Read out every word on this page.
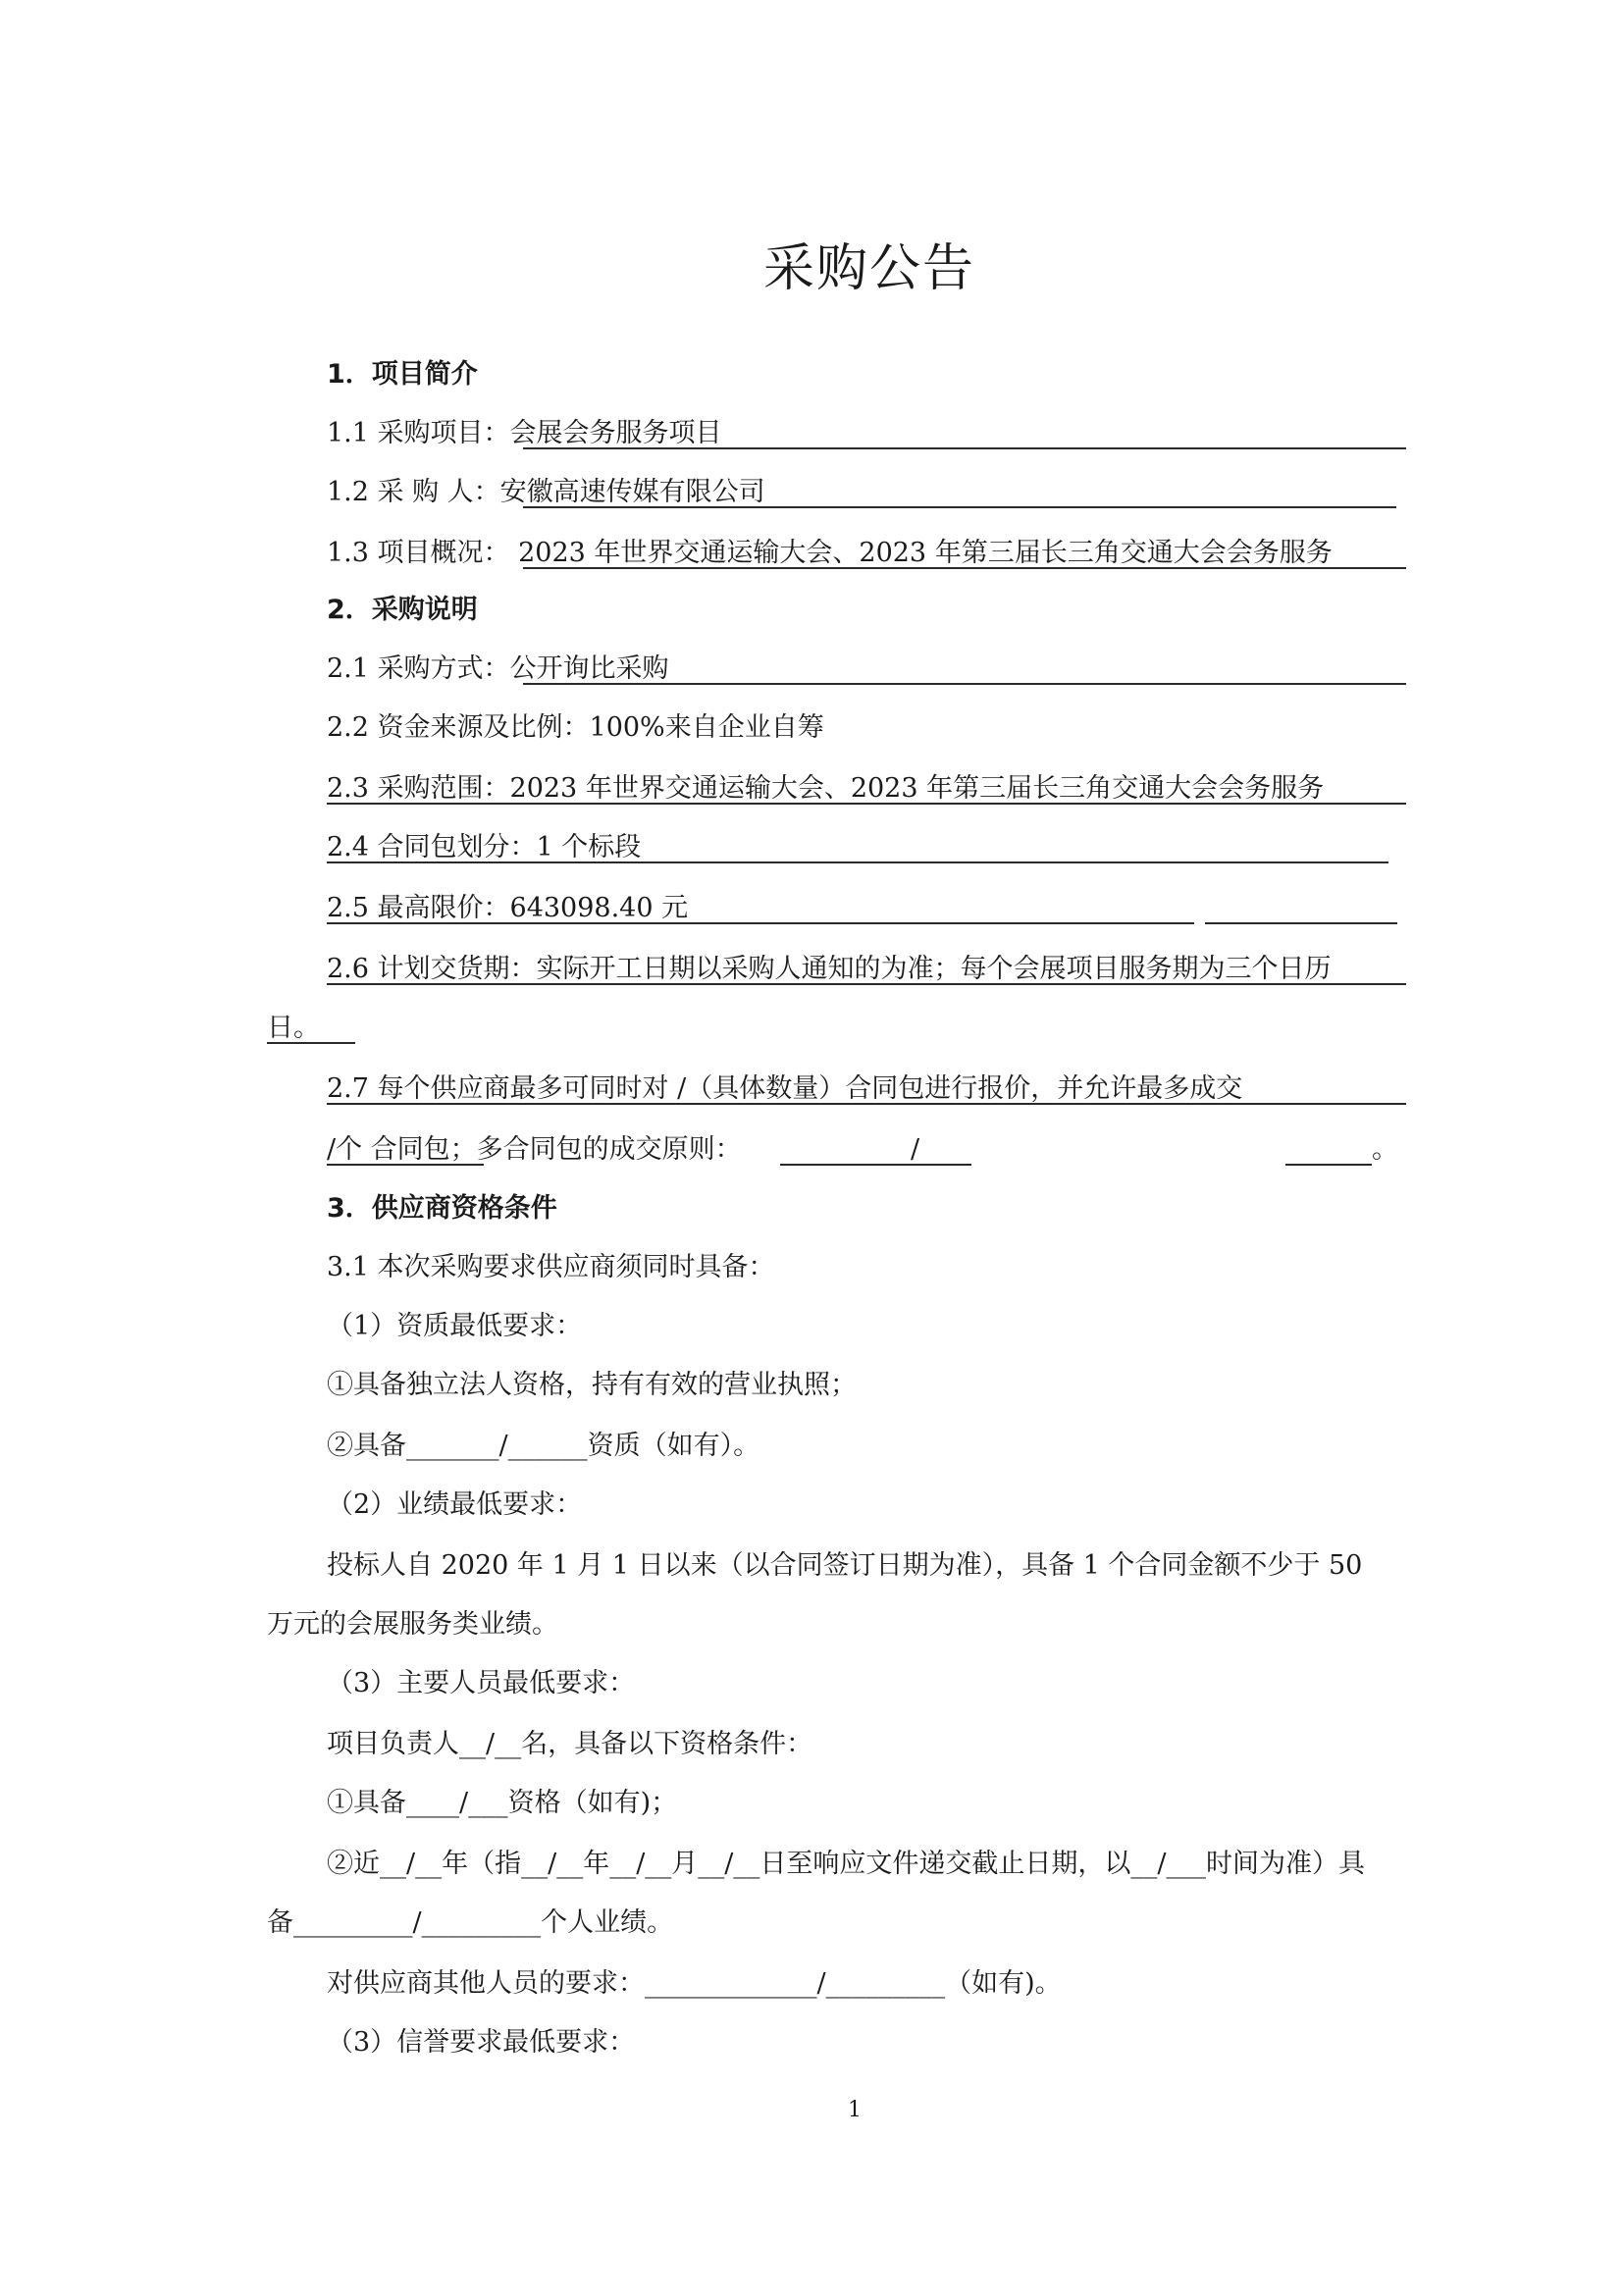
采购公告
1．项目简介
1.1 采购项目：会展会务服务项目
1.2 采 购 人：安徽高速传媒有限公司
1.3 项目概况： 2023 年世界交通运输大会、2023 年第三届长三角交通大会会务服务
2．采购说明
2.1 采购方式：公开询比采购
2.2 资金来源及比例：100%来自企业自筹
2.3 采购范围：2023 年世界交通运输大会、2023 年第三届长三角交通大会会务服务
2.4 合同包划分：1 个标段
2.5 最高限价：643098.40 元
2.6 计划交货期：实际开工日期以采购人通知的为准；每个会展项目服务期为三个日历
日。
2.7 每个供应商最多可同时对 /（具体数量）合同包进行报价，并允许最多成交
/个 合同包；多合同包的成交原则：	/	。
3．供应商资格条件
3.1 本次采购要求供应商须同时具备：
（1）资质最低要求：
①具备独立法人资格，持有有效的营业执照；
②具备_______/______资质（如有）。
（2）业绩最低要求：
投标人自 2020 年 1 月 1 日以来（以合同签订日期为准），具备 1 个合同金额不少于 50
万元的会展服务类业绩。
（3）主要人员最低要求：
项目负责人__/__名，具备以下资格条件：
①具备____/___资格（如有)；
②近__/__年（指__/__年__/__月__/__日至响应文件递交截止日期，以__/___时间为准）具
备_________/_________个人业绩。
对供应商其他人员的要求：_____________/_________（如有)。
（3）信誉要求最低要求：
1
